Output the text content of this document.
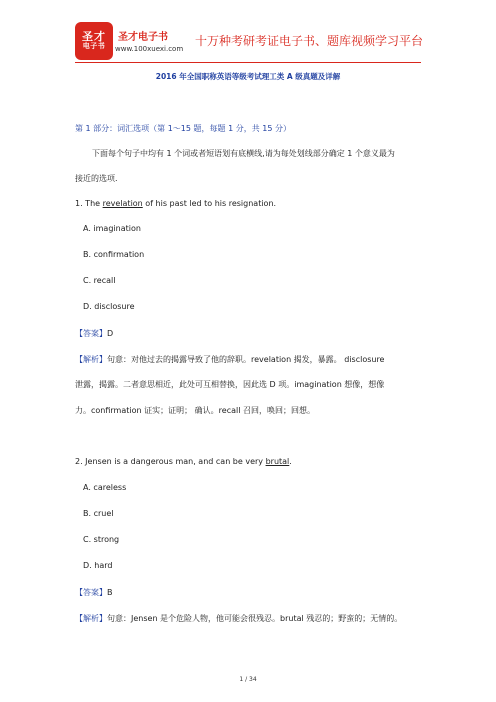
圣才
电子书
圣才电子书
www.100xuexi.com
十万种考研考证电子书、题库视频学习平台
2016 年全国职称英语等级考试理工类 A 级真题及详解
第 1 部分：词汇选项（第 1～15 题，每题 1 分，共 15 分）
下面每个句子中均有 1 个词或者短语划有底横线,请为每处划线部分确定 1 个意义最为
接近的选项.
1. The revelation of his past led to his resignation.
A. imagination
B. confirmation
C. recall
D. disclosure
【答案】D
【解析】句意：对他过去的揭露导致了他的辞职。revelation 揭发，暴露。 disclosure
泄露，揭露。二者意思相近，此处可互相替换，因此选 D 项。imagination 想像，想像
力。confirmation 证实；证明； 确认。recall 召回，唤回；回想。
2. Jensen is a dangerous man, and can be very brutal.
A. careless
B. cruel
C. strong
D. hard
【答案】B
【解析】句意：Jensen 是个危险人物，他可能会很残忍。brutal 残忍的；野蛮的；无情的。
1 / 34
